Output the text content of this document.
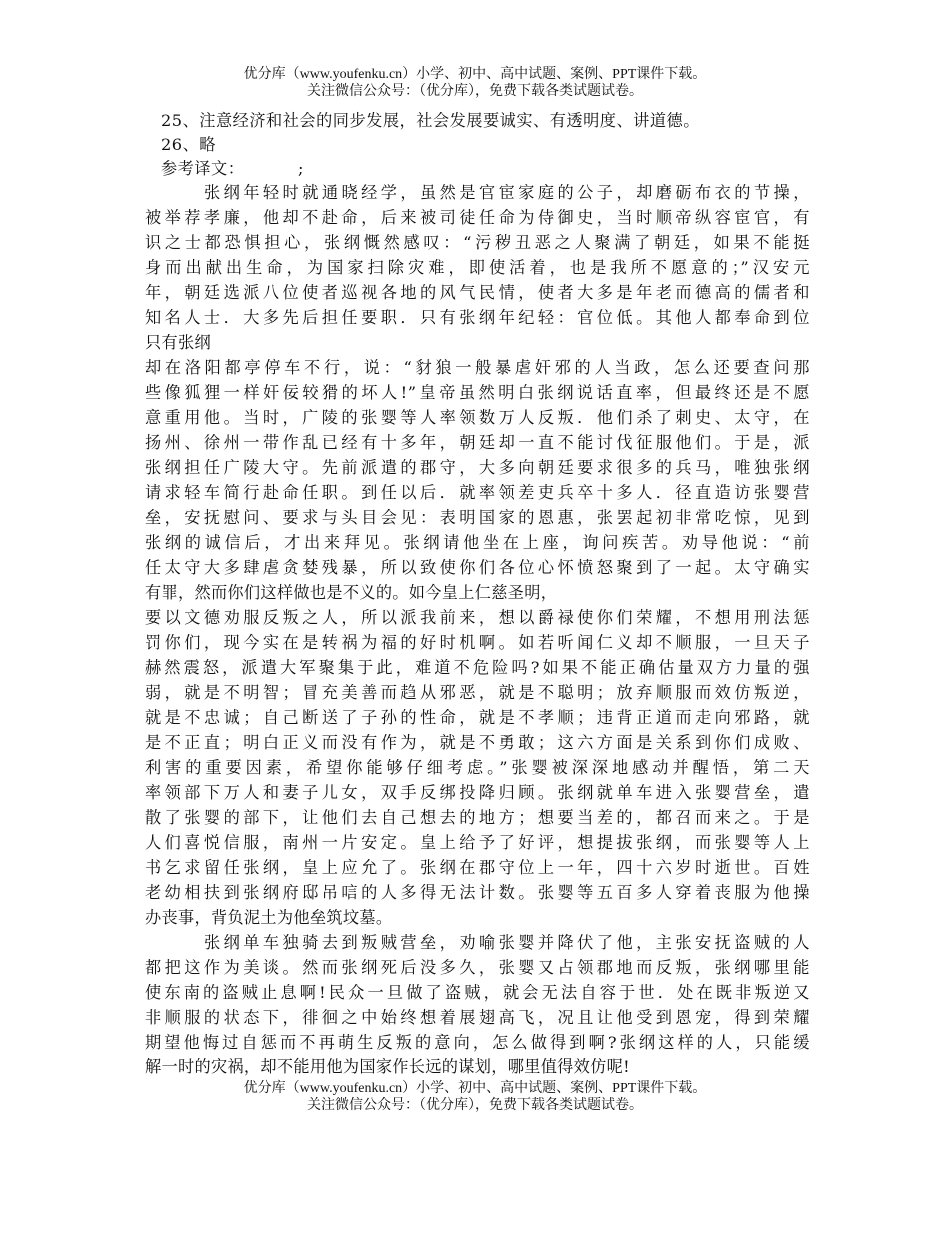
优分库（www.youfenku.cn）小学、初中、高中试题、案例、PPT课件下载。
关注微信公众号：（优分库），免费下载各类试题试卷。
25、注意经济和社会的同步发展，社会发展要诚实、有透明度、讲道德。
26、略
参考译文：	;
张纲年轻时就通晓经学，虽然是官宦家庭的公子，却磨砺布衣的节操，
被举荐孝廉，他却不赴命，后来被司徒任命为侍御史，当时顺帝纵容宦官，有
识之士都恐惧担心，张纲慨然感叹：“污秽丑恶之人聚满了朝廷，如果不能挺
身而出献出生命，为国家扫除灾难，即使活着，也是我所不愿意的；”汉安元
年，朝廷选派八位使者巡视各地的风气民情，使者大多是年老而德高的儒者和
知名人士．大多先后担任要职．只有张纲年纪轻：官位低。其他人都奉命到位
只有张纲
却在洛阳都亭停车不行，说：“豺狼一般暴虐奸邪的人当政，怎么还要查问那
些像狐狸一样奸佞较猾的坏人!”皇帝虽然明白张纲说话直率，但最终还是不愿
意重用他。当时，广陵的张婴等人率领数万人反叛．他们杀了刺史、太守，在
扬州、徐州一带作乱已经有十多年，朝廷却一直不能讨伐征服他们。于是，派
张纲担任广陵大守。先前派遣的郡守，大多向朝廷要求很多的兵马，唯独张纲
请求轻车简行赴命任职。到任以后．就率领差吏兵卒十多人．径直造访张婴营
垒，安抚慰问、要求与头目会见：表明国家的恩惠，张罢起初非常吃惊，见到
张纲的诚信后，才出来拜见。张纲请他坐在上座，询问疾苦。劝导他说：“前
任太守大多肆虐贪婪残暴，所以致使你们各位心怀愤怒聚到了一起。太守确实
有罪，然而你们这样做也是不义的。如今皇上仁慈圣明，
要以文德劝服反叛之人，所以派我前来，想以爵禄使你们荣耀，不想用刑法惩
罚你们，现今实在是转祸为福的好时机啊。如若听闻仁义却不顺服，一旦天子
赫然震怒，派遣大军聚集于此，难道不危险吗?如果不能正确估量双方力量的强
弱，就是不明智；冒充美善而趋从邪恶，就是不聪明；放弃顺服而效仿叛逆，
就是不忠诚；自己断送了子孙的性命，就是不孝顺；违背正道而走向邪路，就
是不正直；明白正义而没有作为，就是不勇敢；这六方面是关系到你们成败、
利害的重要因素，希望你能够仔细考虑。”张婴被深深地感动并醒悟，第二天
率领部下万人和妻子儿女，双手反绑投降归顾。张纲就单车进入张婴营垒，遣
散了张婴的部下，让他们去自己想去的地方；想要当差的，都召而来之。于是
人们喜悦信服，南州一片安定。皇上给予了好评，想提拔张纲，而张婴等人上
书乞求留任张纲，皇上应允了。张纲在郡守位上一年，四十六岁时逝世。百姓
老幼相扶到张纲府邸吊唁的人多得无法计数。张婴等五百多人穿着丧服为他操
办丧事，背负泥土为他垒筑坟墓。
张纲单车独骑去到叛贼营垒，劝喻张婴并降伏了他，主张安抚盗贼的人
都把这作为美谈。然而张纲死后没多久，张婴又占领郡地而反叛，张纲哪里能
使东南的盗贼止息啊!民众一旦做了盗贼，就会无法自容于世．处在既非叛逆又
非顺服的状态下，徘徊之中始终想着展翅高飞，况且让他受到恩宠，得到荣耀
期望他悔过自惩而不再萌生反叛的意向，怎么做得到啊?张纲这样的人，只能缓
解一时的灾祸，却不能用他为国家作长远的谋划，哪里值得效仿呢!
优分库（www.youfenku.cn）小学、初中、高中试题、案例、PPT课件下载。
关注微信公众号：（优分库），免费下载各类试题试卷。
